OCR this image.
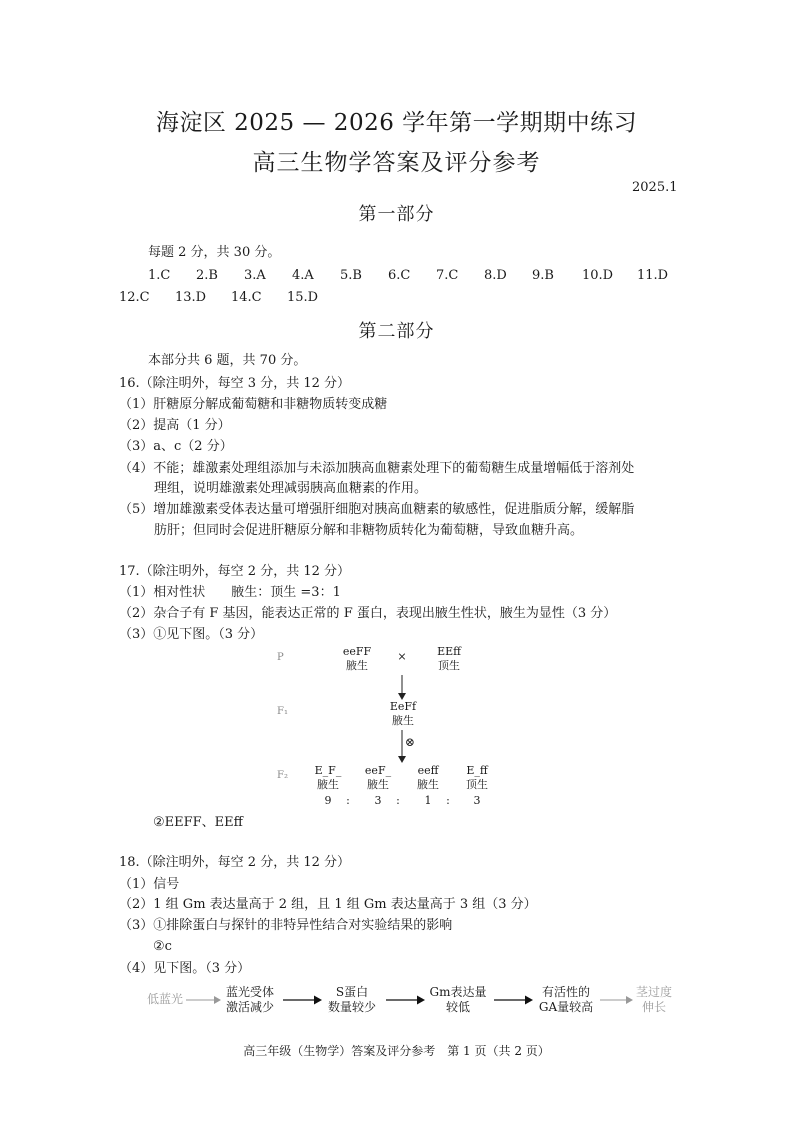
海淀区 2025 — 2026 学年第一学期期中练习
高三生物学答案及评分参考
2025.1
第一部分
每题 2 分，共 30 分。
1.C 2.B 3.A 4.A 5.B 6.C 7.C 8.D 9.B 10.D 11.D
12.C 13.D 14.C 15.D
第二部分
本部分共 6 题，共 70 分。
16.（除注明外，每空 3 分，共 12 分）
（1）肝糖原分解成葡萄糖和非糖物质转变成糖
（2）提高（1 分）
（3）a、c（2 分）
（4）不能；雄激素处理组添加与未添加胰高血糖素处理下的葡萄糖生成量增幅低于溶剂处
理组，说明雄激素处理减弱胰高血糖素的作用。
（5）增加雄激素受体表达量可增强肝细胞对胰高血糖素的敏感性，促进脂质分解，缓解脂
肪肝；但同时会促进肝糖原分解和非糖物质转化为葡萄糖，导致血糖升高。
17.（除注明外，每空 2 分，共 12 分）
（1）相对性状　　腋生：顶生 =3：1
（2）杂合子有 F 基因，能表达正常的 F 蛋白，表现出腋生性状，腋生为显性（3 分）
（3）①见下图。（3 分）
P
F₁
F₂
eeFF
腋生
×	EEff
顶生
EeFf
腋生
⊗
E_F_
腋生
eeF_
腋生
eeff
腋生
E_ff
顶生
9	:	3	:	1	:	3
②EEFF、EEff
18.（除注明外，每空 2 分，共 12 分）
（1）信号
（2）1 组 Gm 表达量高于 2 组，且 1 组 Gm 表达量高于 3 组（3 分）
（3）①排除蛋白与探针的非特异性结合对实验结果的影响
②c
（4）见下图。（3 分）
低蓝光	蓝光受体
激活减少
S蛋白
数量较少
Gm表达量
较低
有活性的
GA量较高
茎过度
伸长
高三年级（生物学）答案及评分参考　第 1 页（共 2 页）
